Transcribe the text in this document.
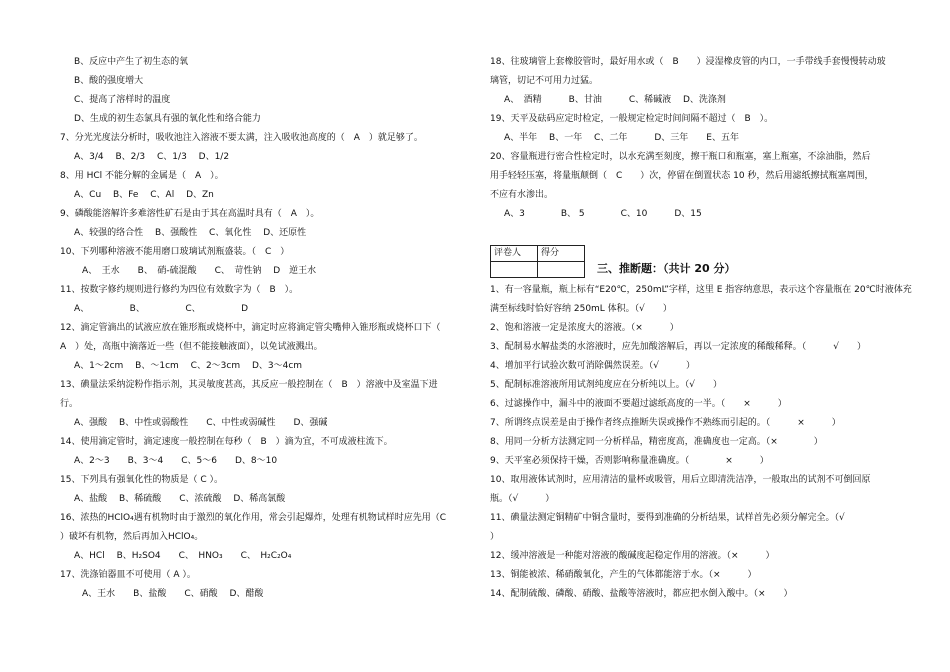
B、反应中产生了初生态的氧
B、酸的强度增大
C、提高了溶样时的温度
D、生成的初生态氯具有强的氧化性和络合能力
7、分光光度法分析时，吸收池注入溶液不要太满，注入吸收池高度的（　A　）就足够了。
A、3/4　 B、2/3　 C、1/3　 D、1/2
8、用 HCl 不能分解的金属是（　A　）。
A、Cu　 B、Fe　 C、Al　 D、Zn
9、磷酸能溶解许多难溶性矿石是由于其在高温时具有（　A　）。
A、较强的络合性　 B、强酸性　 C、氧化性　 D、还原性
10、下列哪种溶液不能用磨口玻璃试剂瓶盛装。（　C　）
A、　王水　　B、　硝-硫混酸　　C、　苛性钠　 D　逆王水
11、按数字修约规则进行修约为四位有效数字为（　B　）。
A、　　　　　B、　　　　　C、　　　　　D
12、滴定管滴出的试液应放在锥形瓶或烧杯中，滴定时应将滴定管尖嘴伸入锥形瓶或烧杯口下（
A　）处，高瓶中滴落近一些（但不能接触液面），以免试液溅出。
A、1～2cm　 B、～1cm　 C、2～3cm　 D、3～4cm
13、碘量法采纳淀粉作指示剂，其灵敏度甚高，其反应一般控制在（　B　）溶液中及室温下进
行。
A、强酸　 B、中性或弱酸性　　C、中性或弱碱性　　D、强碱
14、使用滴定管时，滴定速度一般控制在每秒（　B　）滴为宜，不可成液柱流下。
A、2～3　　B、3～4　　C、5～6　　D、8～10
15、下列具有强氧化性的物质是（ C ）。
A、盐酸　 B、稀硫酸　　C、浓硫酸　 D、稀高氯酸
16、浓热的HClO₄遇有机物时由于激烈的氧化作用，常会引起爆炸，处理有机物试样时应先用（C
）破坏有机物，然后再加入HClO₄。
A、HCl　 B、H₂SO4　　C、　HNO₃　　C、　H₂C₂O₄
17、洗涤铂器皿不可使用（ A ）。
A、王水　　B、盐酸　　C、硝酸　 D、醋酸
评卷人	得分

三、推断题：（共计 20 分）
）
18、往玻璃管上套橡胶管时，最好用水或（　B　　）浸湿橡皮管的内口，一手带线手套慢慢转动玻
璃管，切记不可用力过猛。
A、　酒精　　　B、甘油　　　C、稀碱液　 D、洗涤剂
19、天平及砝码应定时检定，一般规定检定时间间隔不超过（　B　）。
A、半年　 B、一年　 C、二年　　　D、三年　　E、五年
20、容量瓶进行密合性检定时，以水充满至刻度，擦干瓶口和瓶塞，塞上瓶塞，不涂油脂，然后
用手轻轻压塞，将量瓶颠倒（　C　　）次，停留在倒置状态 10 秒，然后用滤纸擦拭瓶塞周围，
不应有水渗出。
A、3　　　　B、 5　　　　C、10　　　D、15
1、有一容量瓶，瓶上标有“E20℃，250mL”字样，这里 E 指容纳意思，表示这个容量瓶在 20℃时液体充
满至标线时恰好容纳 250mL 体积。（√　　）
2、饱和溶液一定是浓度大的溶液。（×　　　）
3、配制易水解盐类的水溶液时，应先加酸溶解后，再以一定浓度的稀酸稀释。（　　　√　　）
4、增加平行试验次数可消除偶然误差。（√　　　）
5、配制标准溶液所用试剂纯度应在分析纯以上。（√　　）
6、过滤操作中，漏斗中的液面不要超过滤纸高度的一半。（　　×　　　）
7、所谓终点误差是由于操作者终点推断失误或操作不熟练而引起的。（　　　×　　　）
8、用同一分析方法测定同一分析样品，精密度高，准确度也一定高。（×　　　　）
9、天平室必须保持干燥，否则影响称量准确度。（　　　　×　　　）
10、取用液体试剂时，应用清洁的量杯或吸管，用后立即清洗洁净，一般取出的试剂不可倒回原
瓶。（√　　　）
11、碘量法测定铜精矿中铜含量时，要得到准确的分析结果，试样首先必须分解完全。（√
12、缓冲溶液是一种能对溶液的酸碱度起稳定作用的溶液。（×　　　）
13、铜能被浓、稀硝酸氧化，产生的气体都能溶于水。（×　　　）
14、配制硫酸、磷酸、硝酸、盐酸等溶液时，都应把水倒入酸中。（×　　）
